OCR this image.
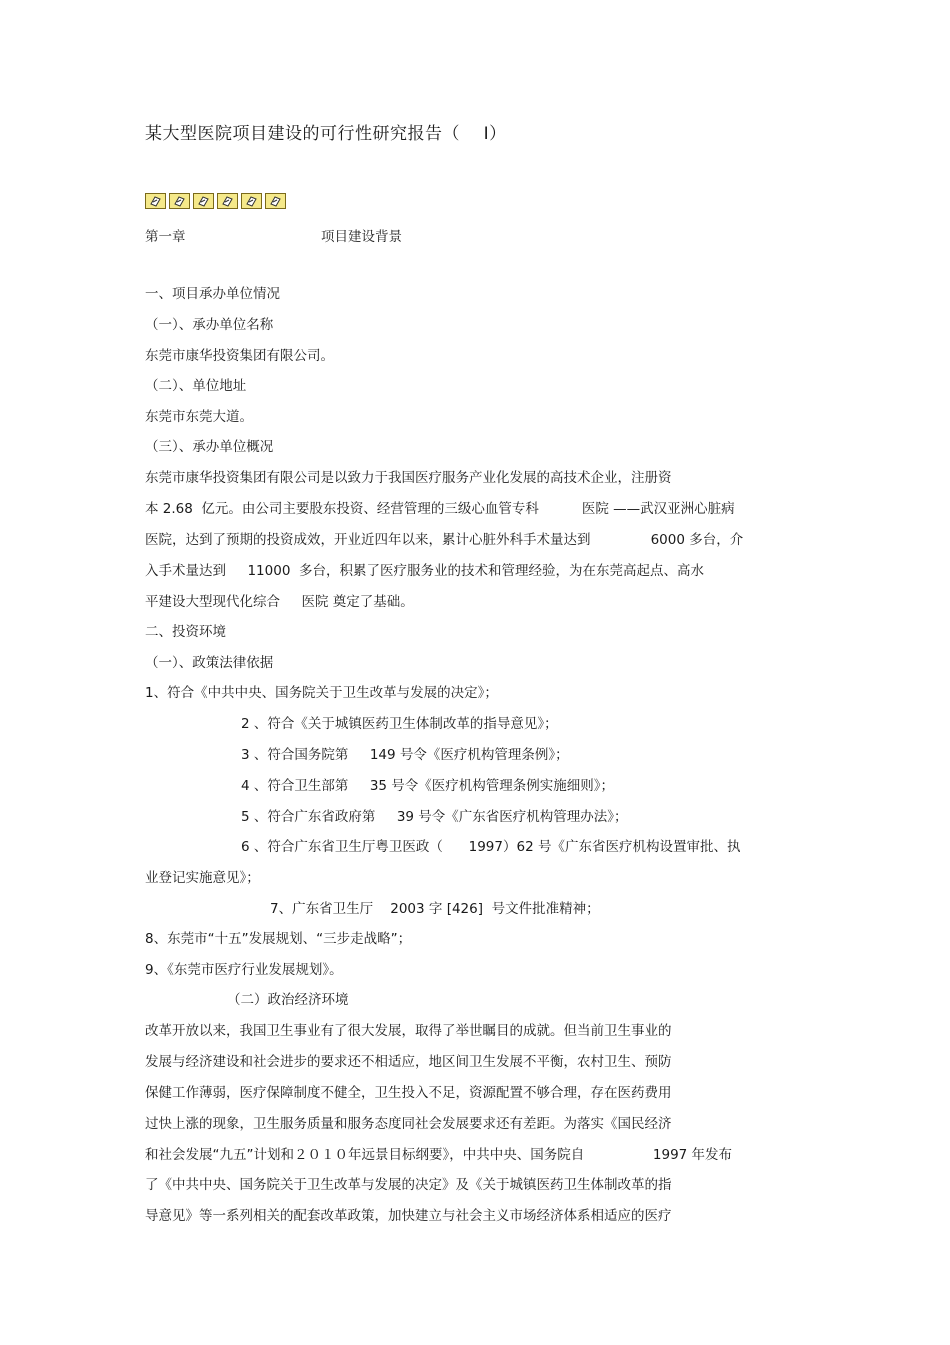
某大型医院项目建设的可行性研究报告（    I）
第一章	项目建设背景
一、项目承办单位情况
（一）、承办单位名称
东莞市康华投资集团有限公司。
（二）、单位地址
东莞市东莞大道。
（三）、承办单位概况
东莞市康华投资集团有限公司是以致力于我国医疗服务产业化发展的高技术企业，注册资
本 2.68  亿元。由公司主要股东投资、经营管理的三级心血管专科          医院 ——武汉亚洲心脏病
医院，达到了预期的投资成效，开业近四年以来，累计心脏外科手术量达到              6000 多台，介
入手术量达到     11000  多台，积累了医疗服务业的技术和管理经验，为在东莞高起点、高水
平建设大型现代化综合     医院 奠定了基础。
二、投资环境
（一）、政策法律依据
1、符合《中共中央、国务院关于卫生改革与发展的决定》；
2 、符合《关于城镇医药卫生体制改革的指导意见》；
3 、符合国务院第     149 号令《医疗机构管理条例》；
4 、符合卫生部第     35 号令《医疗机构管理条例实施细则》；
5 、符合广东省政府第     39 号令《广东省医疗机构管理办法》；
6 、符合广东省卫生厅粤卫医政（      1997）62 号《广东省医疗机构设置审批、执
业登记实施意见》；
7、广东省卫生厅    2003 字 [426]  号文件批准精神；
8、东莞市“十五”发展规划、“三步走战略”；
9、《东莞市医疗行业发展规划》。
（二）政治经济环境
改革开放以来，我国卫生事业有了很大发展，取得了举世瞩目的成就。但当前卫生事业的
发展与经济建设和社会进步的要求还不相适应，地区间卫生发展不平衡，农村卫生、预防
保健工作薄弱，医疗保障制度不健全，卫生投入不足，资源配置不够合理，存在医药费用
过快上涨的现象，卫生服务质量和服务态度同社会发展要求还有差距。为落实《国民经济
和社会发展“九五”计划和２０１０年远景目标纲要》，中共中央、国务院自                1997 年发布
了《中共中央、国务院关于卫生改革与发展的决定》及《关于城镇医药卫生体制改革的指
导意见》等一系列相关的配套改革政策，加快建立与社会主义市场经济体系相适应的医疗
